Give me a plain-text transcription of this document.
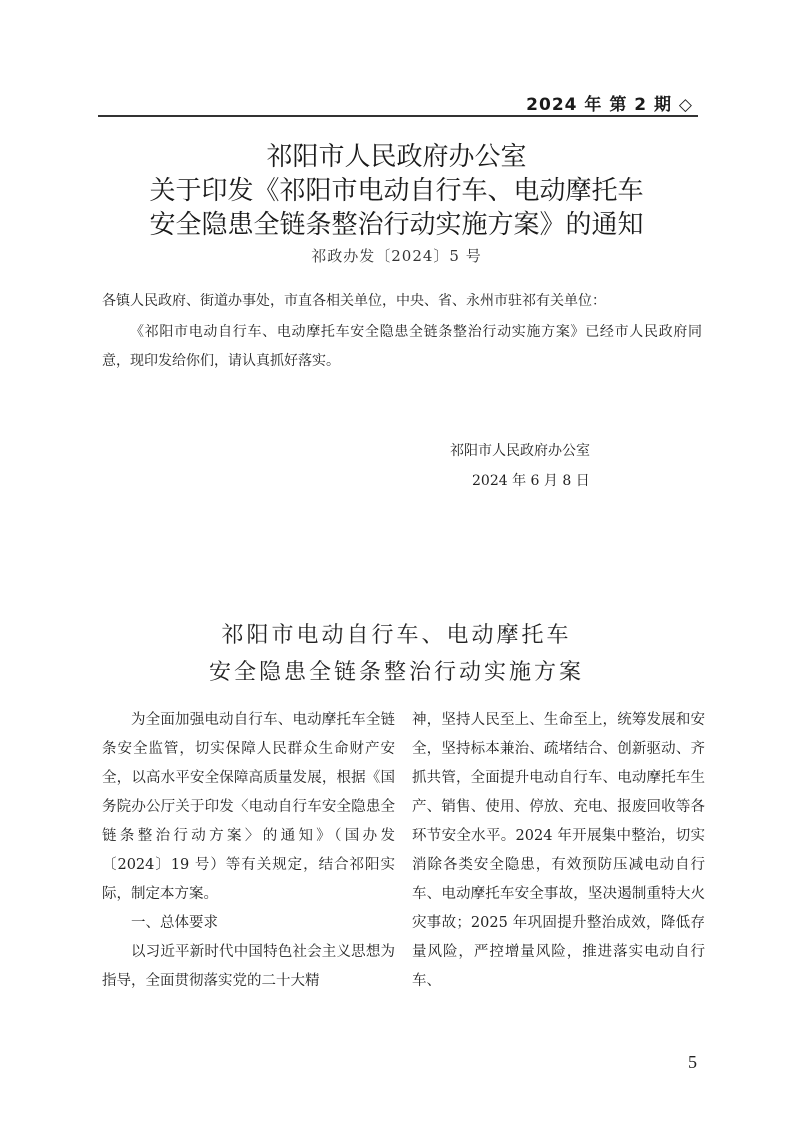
2024 年 第 2 期 ◇
祁阳市人民政府办公室
关于印发《祁阳市电动自行车、电动摩托车
安全隐患全链条整治行动实施方案》的通知
祁政办发〔2024〕5 号
各镇人民政府、街道办事处，市直各相关单位，中央、省、永州市驻祁有关单位：
《祁阳市电动自行车、电动摩托车安全隐患全链条整治行动实施方案》已经市人民政府同意，现印发给你们，请认真抓好落实。
祁阳市人民政府办公室
2024 年 6 月 8 日
祁阳市电动自行车、电动摩托车
安全隐患全链条整治行动实施方案

为全面加强电动自行车、电动摩托车全链条安全监管，切实保障人民群众生命财产安全，以高水平安全保障高质量发展，根据《国务院办公厅关于印发〈电动自行车安全隐患全链条整治行动方案〉的通知》（国办发〔2024〕19 号）等有关规定，结合祁阳实际，制定本方案。

一、总体要求

以习近平新时代中国特色社会主义思想为指导，全面贯彻落实党的二十大精

神，坚持人民至上、生命至上，统筹发展和安全，坚持标本兼治、疏堵结合、创新驱动、齐抓共管，全面提升电动自行车、电动摩托车生产、销售、使用、停放、充电、报废回收等各环节安全水平。2024 年开展集中整治，切实消除各类安全隐患，有效预防压减电动自行车、电动摩托车安全事故，坚决遏制重特大火灾事故；2025 年巩固提升整治成效，降低存量风险，严控增量风险，推进落实电动自行车、

5
